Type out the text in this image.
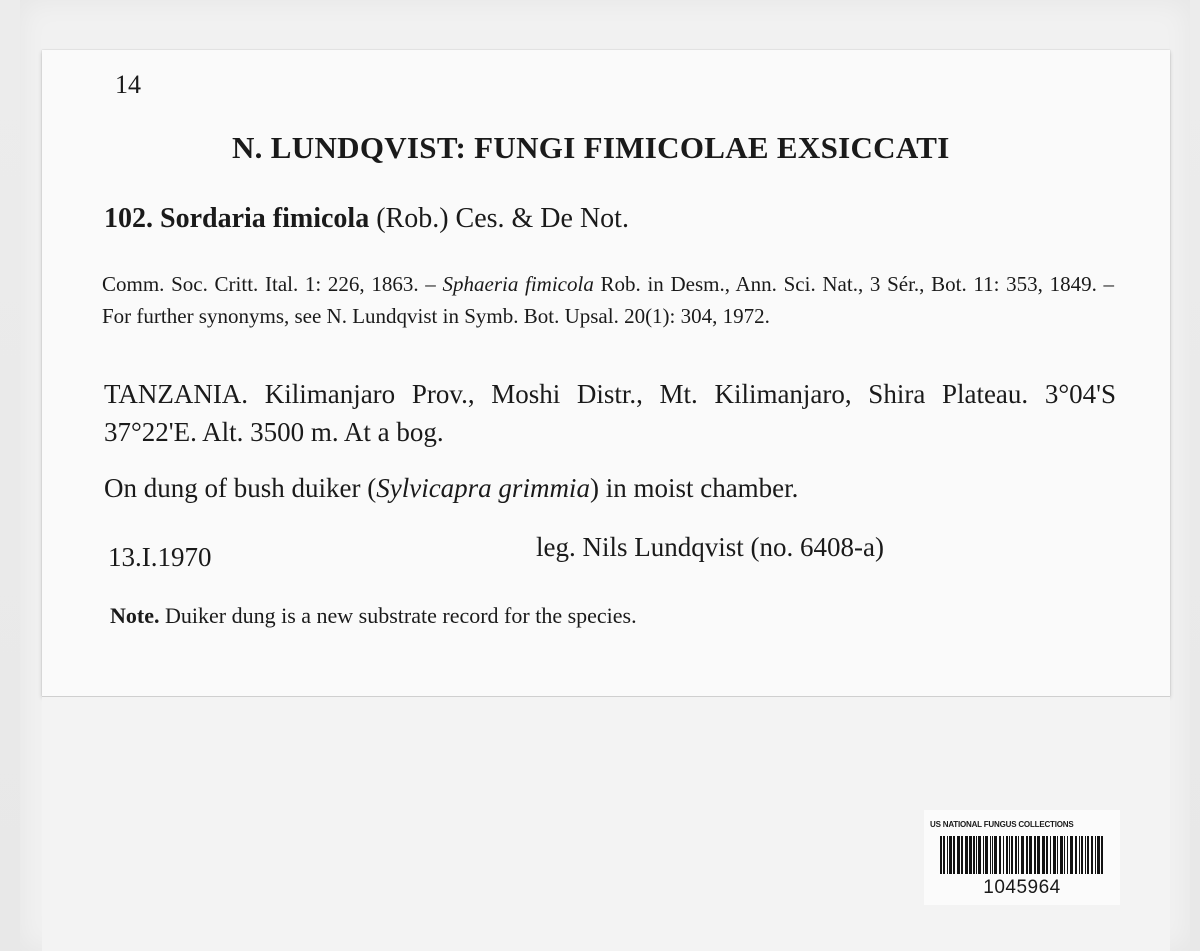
14
N. LUNDQVIST: FUNGI FIMICOLAE EXSICCATI
102. Sordaria fimicola (Rob.) Ces. & De Not.
Comm. Soc. Critt. Ital. 1: 226, 1863. – Sphaeria fimicola Rob. in Desm., Ann. Sci. Nat., 3 Sér., Bot. 11: 353, 1849. – For further synonyms, see N. Lundqvist in Symb. Bot. Upsal. 20(1): 304, 1972.
TANZANIA. Kilimanjaro Prov., Moshi Distr., Mt. Kilimanjaro, Shira Plateau. 3°04'S 37°22'E. Alt. 3500 m. At a bog.
On dung of bush duiker (Sylvicapra grimmia) in moist chamber.
13.I.1970	leg. Nils Lundqvist (no. 6408-a)
Note. Duiker dung is a new substrate record for the species.
US NATIONAL FUNGUS COLLECTIONS
1045964
